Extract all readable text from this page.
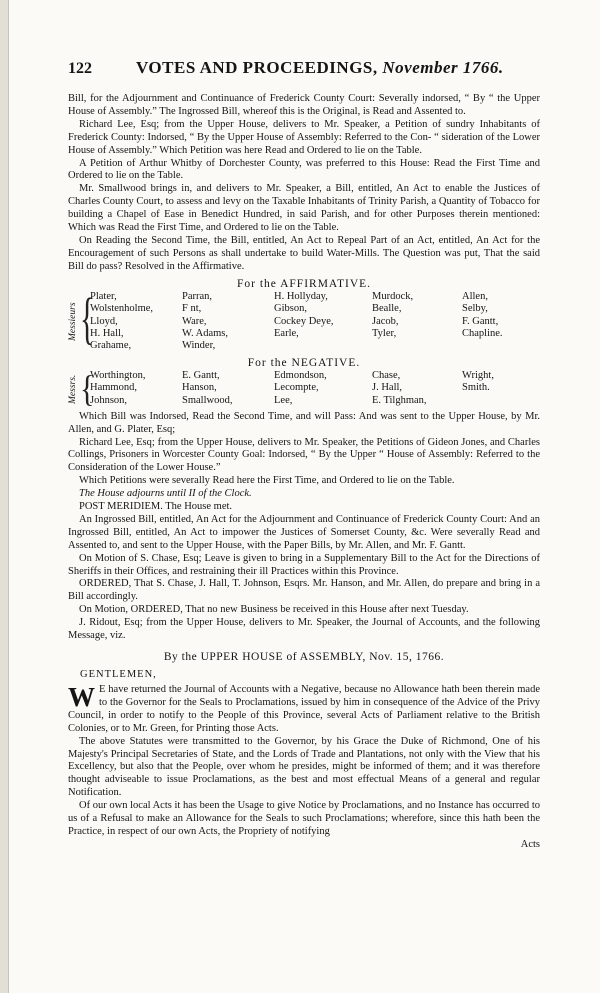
122	VOTES AND PROCEEDINGS, November 1766.

Bill, for the Adjournment and Continuance of Frederick County Court: Severally indorsed, “ By “ the Upper House of Assembly.” The Ingrossed Bill, whereof this is the Original, is Read and Assented to.

Richard Lee, Esq; from the Upper House, delivers to Mr. Speaker, a Petition of sundry Inhabitants of Frederick County: Indorsed, “ By the Upper House of Assembly: Referred to the Con- “ sideration of the Lower House of Assembly.” Which Petition was here Read and Ordered to lie on the Table.

A Petition of Arthur Whitby of Dorchester County, was preferred to this House: Read the First Time and Ordered to lie on the Table.

Mr. Smallwood brings in, and delivers to Mr. Speaker, a Bill, entitled, An Act to enable the Justices of Charles County Court, to assess and levy on the Taxable Inhabitants of Trinity Parish, a Quantity of Tobacco for building a Chapel of Ease in Benedict Hundred, in said Parish, and for other Purposes therein mentioned: Which was Read the First Time, and Ordered to lie on the Table.

On Reading the Second Time, the Bill, entitled, An Act to Repeal Part of an Act, entitled, An Act for the Encouragement of such Persons as shall undertake to build Water-Mills. The Question was put, That the said Bill do pass? Resolved in the Affirmative.

For the AFFIRMATIVE.
Messieurs {
Plater,	Parran,	H. Hollyday,	Murdock,	Allen,
Wolstenholme,	F nt,	Gibson,	Bealle,	Selby,
Lloyd,	Ware,	Cockey Deye,	Jacob,	F. Gantt,
H. Hall,	W. Adams,	Earle,	Tyler,	Chapline.
Grahame,	Winder,
For the NEGATIVE.
Messrs. {
Worthington,	E. Gantt,	Edmondson,	Chase,	Wright,
Hammond,	Hanson,	Lecompte,	J. Hall,	Smith.
Johnson,	Smallwood,	Lee,	E. Tilghman,

Which Bill was Indorsed, Read the Second Time, and will Pass: And was sent to the Upper House, by Mr. Allen, and G. Plater, Esq;

Richard Lee, Esq; from the Upper House, delivers to Mr. Speaker, the Petitions of Gideon Jones, and Charles Collings, Prisoners in Worcester County Goal: Indorsed, “ By the Upper “ House of Assembly: Referred to the Consideration of the Lower House.”

Which Petitions were severally Read here the First Time, and Ordered to lie on the Table.

The House adjourns until II of the Clock.

POST MERIDIEM. The House met.

An Ingrossed Bill, entitled, An Act for the Adjournment and Continuance of Frederick County Court: And an Ingrossed Bill, entitled, An Act to impower the Justices of Somerset County, &c. Were severally Read and Assented to, and sent to the Upper House, with the Paper Bills, by Mr. Allen, and Mr. F. Gantt.

On Motion of S. Chase, Esq; Leave is given to bring in a Supplementary Bill to the Act for the Directions of Sheriffs in their Offices, and restraining their ill Practices within this Province.

ORDERED, That S. Chase, J. Hall, T. Johnson, Esqrs. Mr. Hanson, and Mr. Allen, do prepare and bring in a Bill accordingly.

On Motion, ORDERED, That no new Business be received in this House after next Tuesday.

J. Ridout, Esq; from the Upper House, delivers to Mr. Speaker, the Journal of Accounts, and the following Message, viz.

By the UPPER HOUSE of ASSEMBLY, Nov. 15, 1766.
GENTLEMEN,
W E have returned the Journal of Accounts with a Negative, because no Allowance hath been therein made to the Governor for the Seals to Proclamations, issued by him in consequence of the Advice of the Privy Council, in order to notify to the People of this Province, several Acts of Parliament relative to the British Colonies, or to Mr. Green, for Printing those Acts.

The above Statutes were transmitted to the Governor, by his Grace the Duke of Richmond, One of his Majesty's Principal Secretaries of State, and the Lords of Trade and Plantations, not only with the View that his Excellency, but also that the People, over whom he presides, might be informed of them; and it was therefore thought adviseable to issue Proclamations, as the best and most effectual Means of a general and regular Notification.

Of our own local Acts it has been the Usage to give Notice by Proclamations, and no Instance has occurred to us of a Refusal to make an Allowance for the Seals to such Proclamations; wherefore, since this hath been the Practice, in respect of our own Acts, the Propriety of notifying

Acts
